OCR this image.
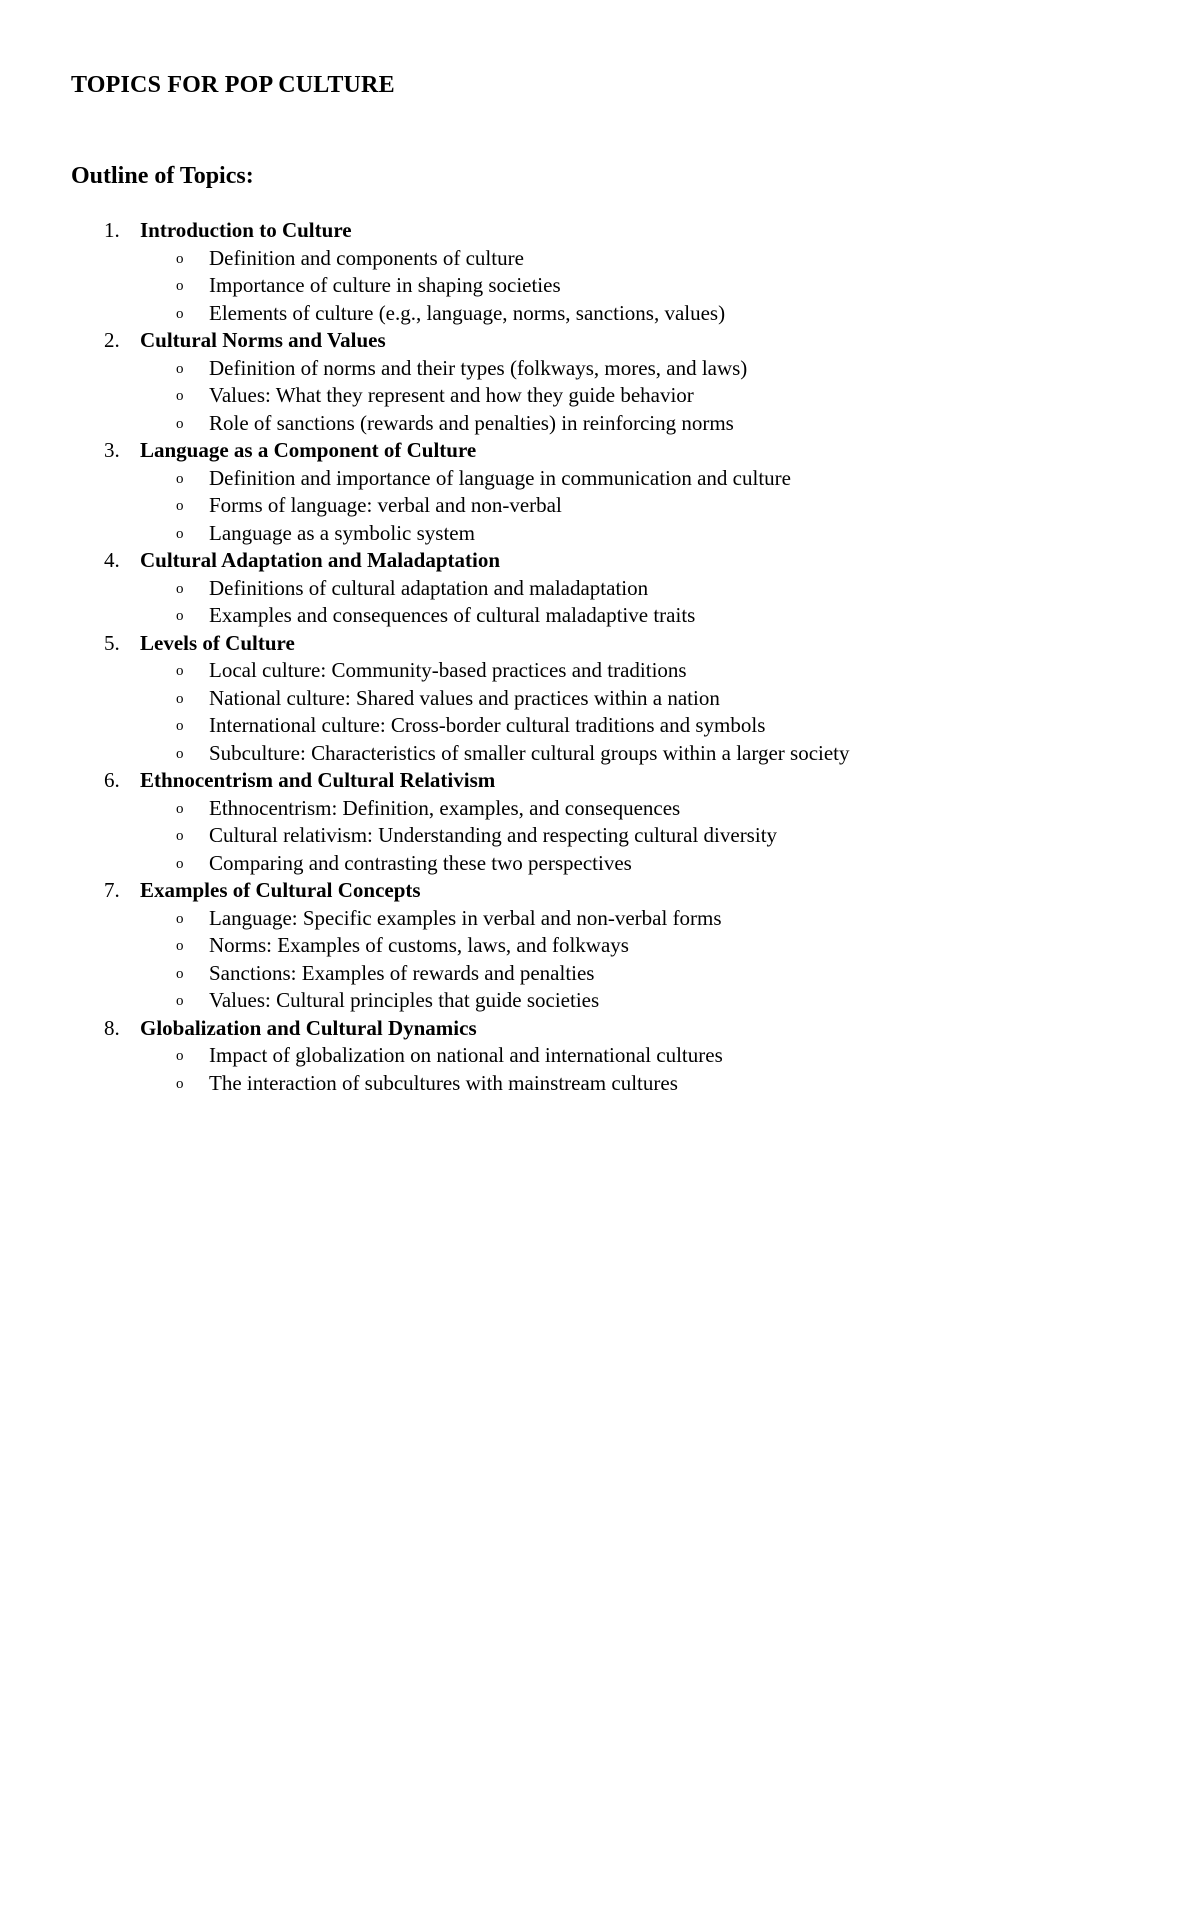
TOPICS FOR POP CULTURE
Outline of Topics:
1. Introduction to Culture
o Definition and components of culture
o Importance of culture in shaping societies
o Elements of culture (e.g., language, norms, sanctions, values)
2. Cultural Norms and Values
o Definition of norms and their types (folkways, mores, and laws)
o Values: What they represent and how they guide behavior
o Role of sanctions (rewards and penalties) in reinforcing norms
3. Language as a Component of Culture
o Definition and importance of language in communication and culture
o Forms of language: verbal and non-verbal
o Language as a symbolic system
4. Cultural Adaptation and Maladaptation
o Definitions of cultural adaptation and maladaptation
o Examples and consequences of cultural maladaptive traits
5. Levels of Culture
o Local culture: Community-based practices and traditions
o National culture: Shared values and practices within a nation
o International culture: Cross-border cultural traditions and symbols
o Subculture: Characteristics of smaller cultural groups within a larger society
6. Ethnocentrism and Cultural Relativism
o Ethnocentrism: Definition, examples, and consequences
o Cultural relativism: Understanding and respecting cultural diversity
o Comparing and contrasting these two perspectives
7. Examples of Cultural Concepts
o Language: Specific examples in verbal and non-verbal forms
o Norms: Examples of customs, laws, and folkways
o Sanctions: Examples of rewards and penalties
o Values: Cultural principles that guide societies
8. Globalization and Cultural Dynamics
o Impact of globalization on national and international cultures
o The interaction of subcultures with mainstream cultures
